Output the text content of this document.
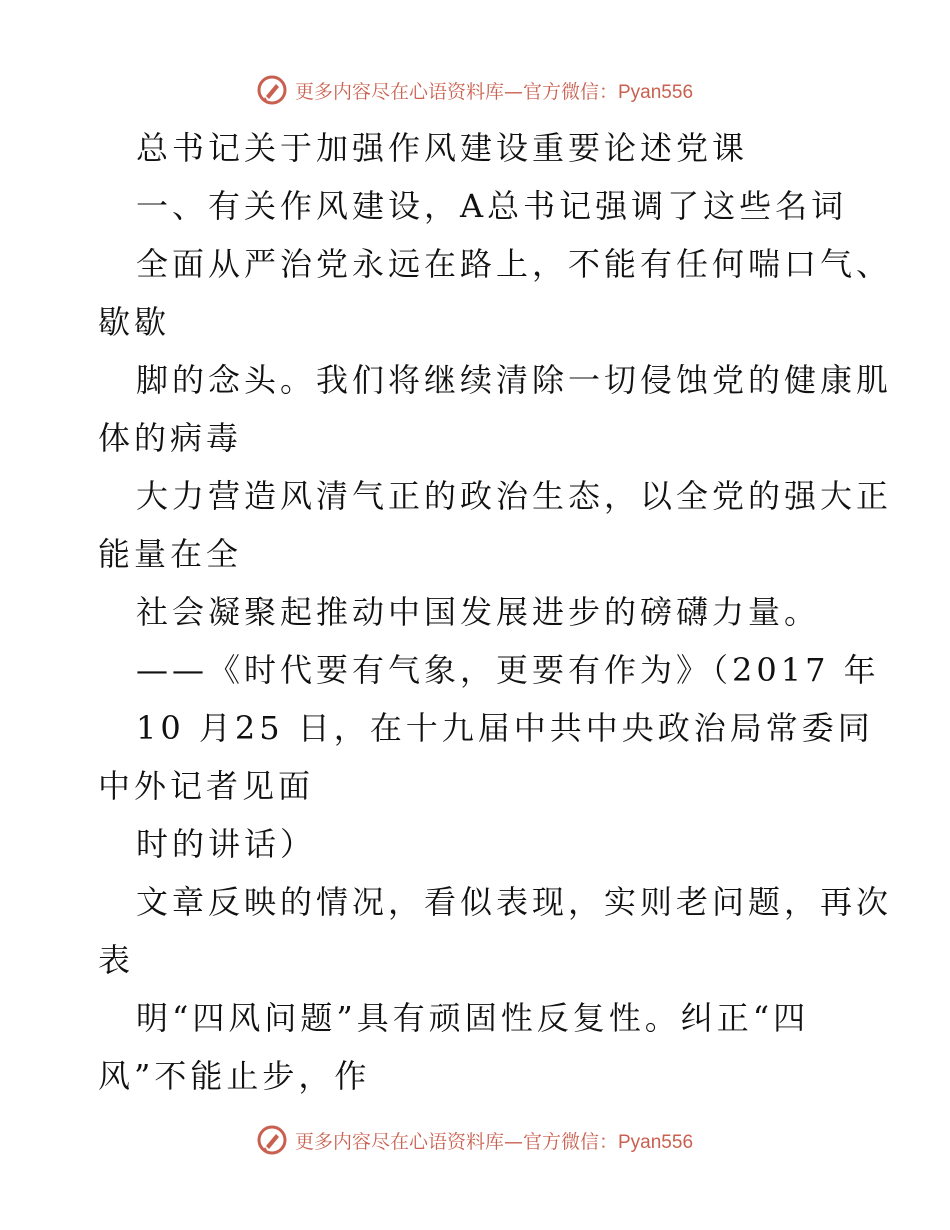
更多内容尽在心语资料库—官方微信：Pyan556
总书记关于加强作风建设重要论述党课
一、有关作风建设，A总书记强调了这些名词
全面从严治党永远在路上，不能有任何喘口气、
歇歇
脚的念头。我们将继续清除一切侵蚀党的健康肌
体的病毒
大力营造风清气正的政治生态，以全党的强大正
能量在全
社会凝聚起推动中国发展进步的磅礴力量。
——《时代要有气象，更要有作为》（2017 年
10 月25 日，在十九届中共中央政治局常委同
中外记者见面
时的讲话）
文章反映的情况，看似表现，实则老问题，再次
表
明“四风问题”具有顽固性反复性。纠正“四
风”不能止步，作
更多内容尽在心语资料库—官方微信：Pyan556
